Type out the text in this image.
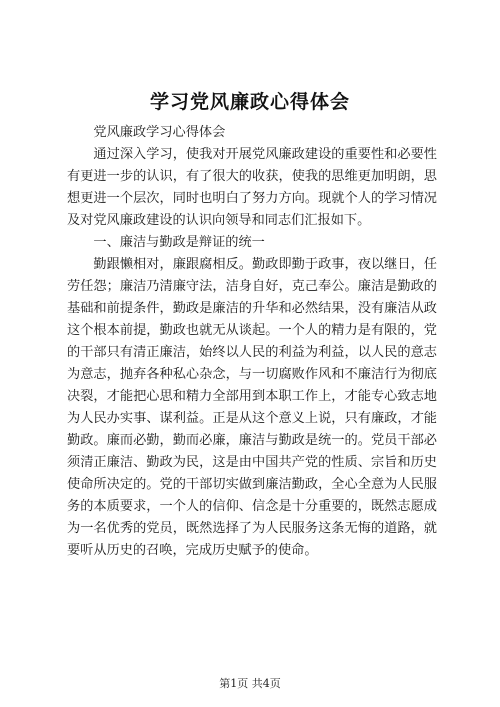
学习党风廉政心得体会

党风廉政学习心得体会

通过深入学习，使我对开展党风廉政建设的重要性和必要性有更进一步的认识，有了很大的收获，使我的思维更加明朗，思想更进一个层次，同时也明白了努力方向。现就个人的学习情况及对党风廉政建设的认识向领导和同志们汇报如下。

一、廉洁与勤政是辩证的统一

勤跟懒相对，廉跟腐相反。勤政即勤于政事，夜以继日，任劳任怨；廉洁乃清廉守法，洁身自好，克己奉公。廉洁是勤政的基础和前提条件，勤政是廉洁的升华和必然结果，没有廉洁从政这个根本前提，勤政也就无从谈起。一个人的精力是有限的，党的干部只有清正廉洁，始终以人民的利益为利益，以人民的意志为意志，抛弃各种私心杂念，与一切腐败作风和不廉洁行为彻底决裂，才能把心思和精力全部用到本职工作上，才能专心致志地为人民办实事、谋利益。正是从这个意义上说，只有廉政，才能勤政。廉而必勤，勤而必廉，廉洁与勤政是统一的。党员干部必须清正廉洁、勤政为民，这是由中国共产党的性质、宗旨和历史使命所决定的。党的干部切实做到廉洁勤政，全心全意为人民服务的本质要求，一个人的信仰、信念是十分重要的，既然志愿成为一名优秀的党员，既然选择了为人民服务这条无悔的道路，就要听从历史的召唤，完成历史赋予的使命。

第1页 共4页
